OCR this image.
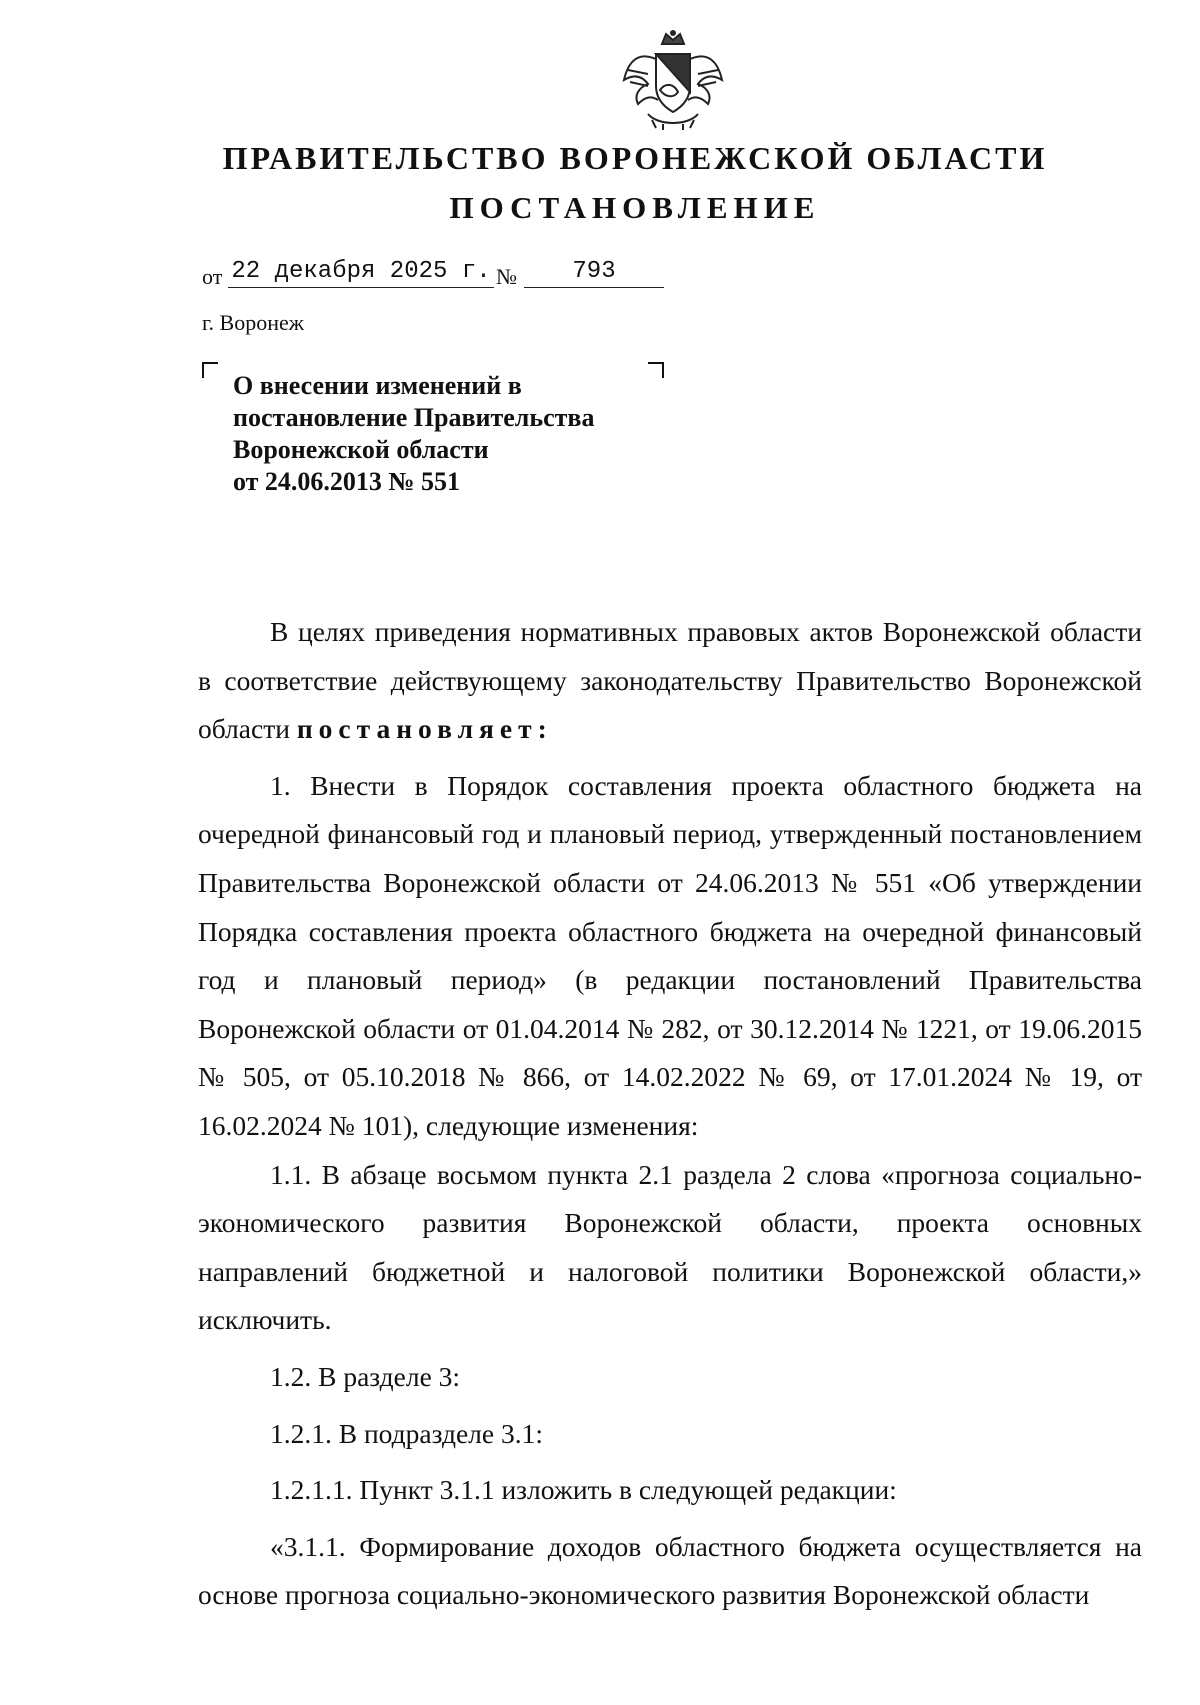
ПРАВИТЕЛЬСТВО ВОРОНЕЖСКОЙ ОБЛАСТИ
ПОСТАНОВЛЕНИЕ
от 22 декабря 2025 г. №	793
г. Воронеж
О внесении изменений в
постановление Правительства
Воронежской области
от 24.06.2013 № 551

В целях приведения нормативных правовых актов Воронежской области в соответствие действующему законодательству Правительство Воронежской области постановляет:

1. Внести в Порядок составления проекта областного бюджета на очередной финансовый год и плановый период, утвержденный постановлением Правительства Воронежской области от 24.06.2013 № 551 «Об утверждении Порядка составления проекта областного бюджета на очередной финансовый год и плановый период» (в редакции постановлений Правительства Воронежской области от 01.04.2014 № 282, от 30.12.2014 № 1221, от 19.06.2015 № 505, от 05.10.2018 № 866, от 14.02.2022 № 69, от 17.01.2024 № 19, от 16.02.2024 № 101), следующие изменения:

1.1. В абзаце восьмом пункта 2.1 раздела 2 слова «прогноза социально-экономического развития Воронежской области, проекта основных направлений бюджетной и налоговой политики Воронежской области,» исключить.

1.2. В разделе 3:

1.2.1. В подразделе 3.1:

1.2.1.1. Пункт 3.1.1 изложить в следующей редакции:

«3.1.1. Формирование доходов областного бюджета осуществляется на основе прогноза социально-экономического развития Воронежской области
